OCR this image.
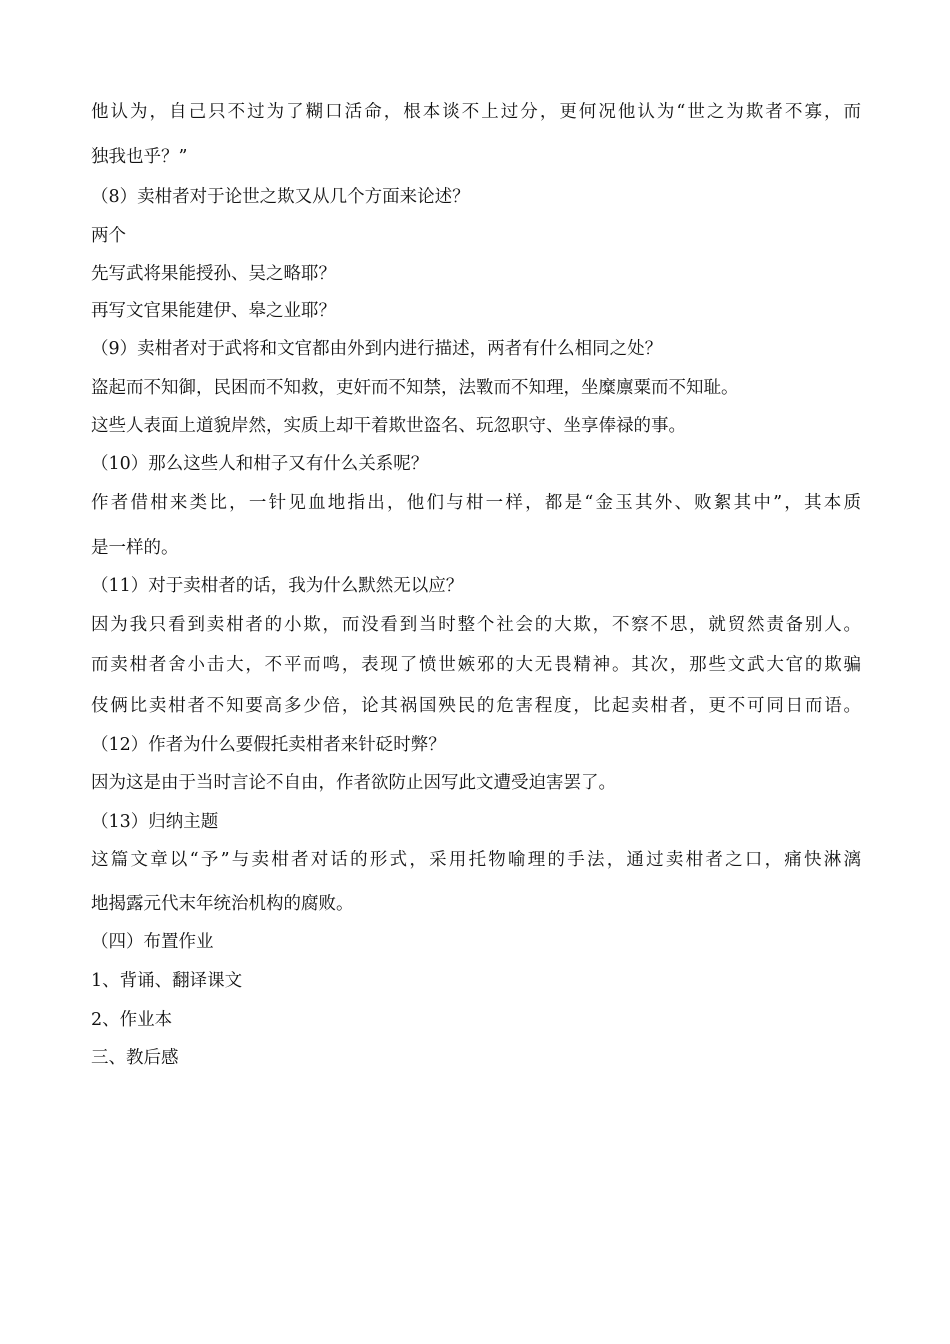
他认为，自己只不过为了糊口活命，根本谈不上过分，更何况他认为“世之为欺者不寡，而
独我也乎？”
（8）卖柑者对于论世之欺又从几个方面来论述？
两个
先写武将果能授孙、吴之略耶？
再写文官果能建伊、皋之业耶？
（9）卖柑者对于武将和文官都由外到内进行描述，两者有什么相同之处？
盗起而不知御，民困而不知救，吏奸而不知禁，法斁而不知理，坐糜廪粟而不知耻。
这些人表面上道貌岸然，实质上却干着欺世盗名、玩忽职守、坐享俸禄的事。
（10）那么这些人和柑子又有什么关系呢？
作者借柑来类比，一针见血地指出，他们与柑一样，都是“金玉其外、败絮其中”，其本质
是一样的。
（11）对于卖柑者的话，我为什么默然无以应？
因为我只看到卖柑者的小欺，而没看到当时整个社会的大欺，不察不思，就贸然责备别人。
而卖柑者舍小击大，不平而鸣，表现了愤世嫉邪的大无畏精神。其次，那些文武大官的欺骗
伎俩比卖柑者不知要高多少倍，论其祸国殃民的危害程度，比起卖柑者，更不可同日而语。
（12）作者为什么要假托卖柑者来针砭时弊？
因为这是由于当时言论不自由，作者欲防止因写此文遭受迫害罢了。
（13）归纳主题
这篇文章以“予”与卖柑者对话的形式，采用托物喻理的手法，通过卖柑者之口，痛快淋漓
地揭露元代末年统治机构的腐败。
（四）布置作业
1、背诵、翻译课文
2、作业本
三、教后感
